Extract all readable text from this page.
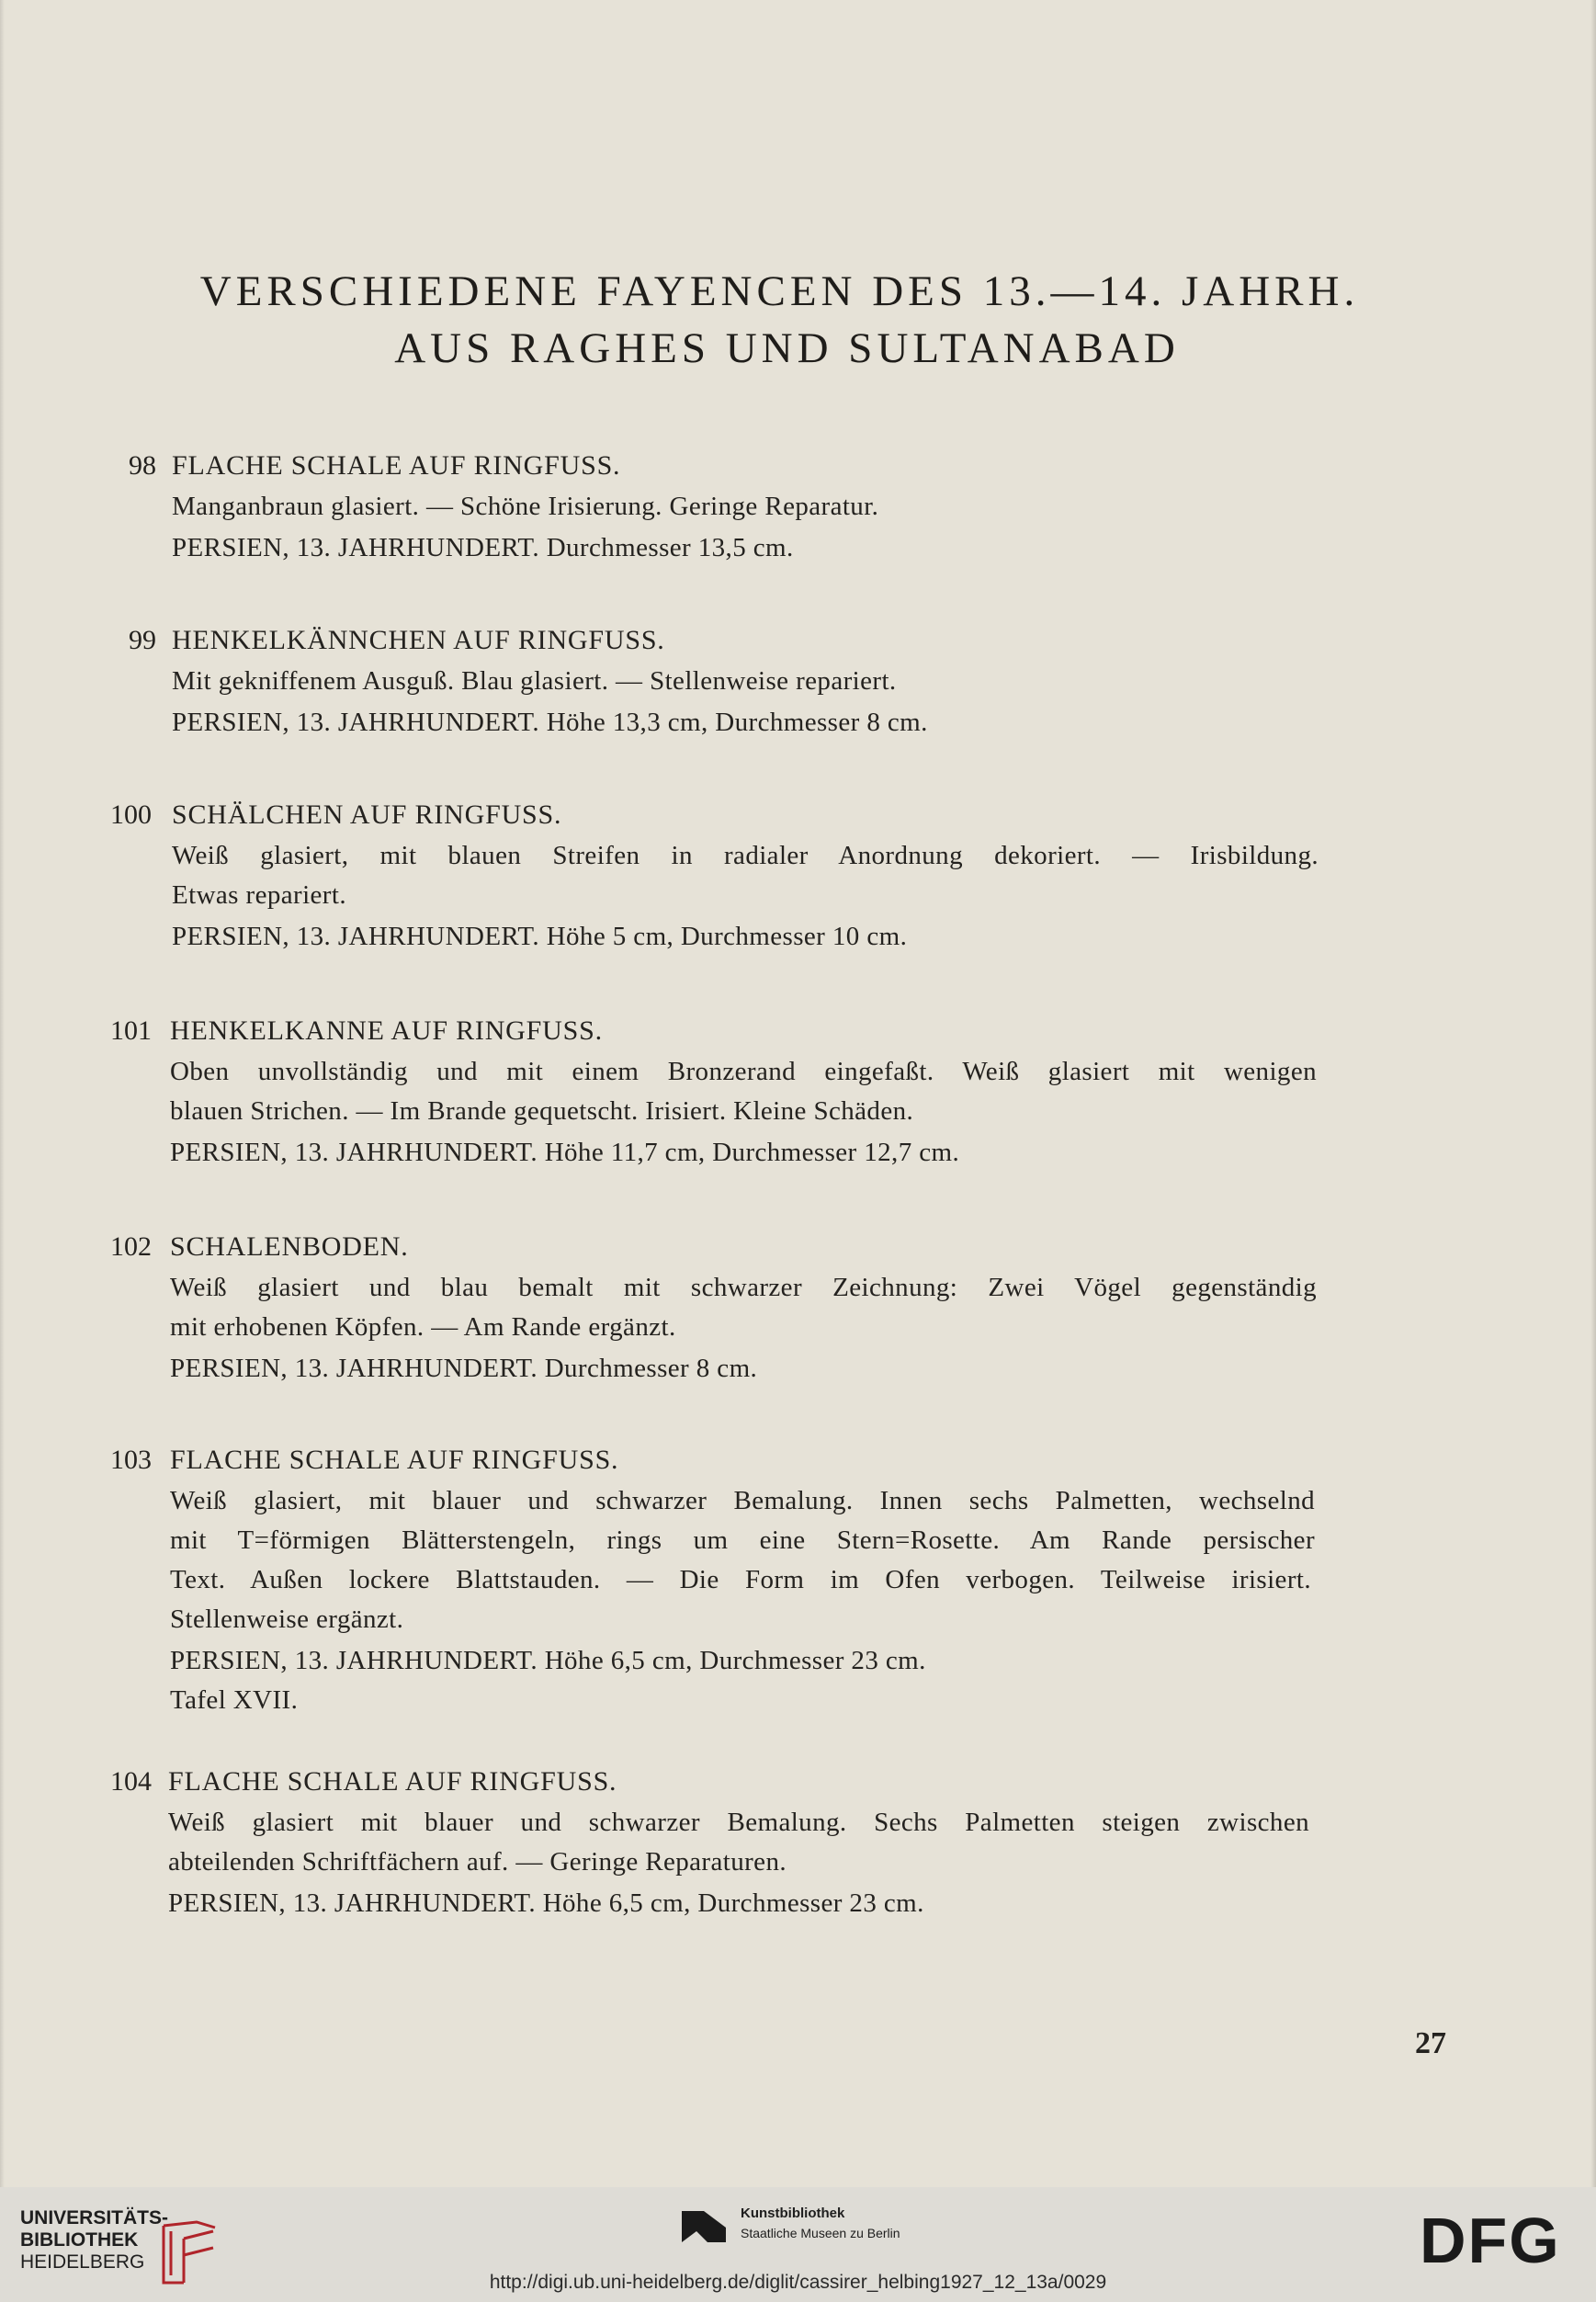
VERSCHIEDENE FAYENCEN DES 13.—14. JAHRH.
AUS RAGHES UND SULTANABAD
98 FLACHE SCHALE AUF RINGFUSS.
Manganbraun glasiert. — Schöne Irisierung. Geringe Reparatur.
PERSIEN, 13. JAHRHUNDERT. Durchmesser 13,5 cm.
99 HENKELKÄNNCHEN AUF RINGFUSS.
Mit gekniffenem Ausguß. Blau glasiert. — Stellenweise repariert.
PERSIEN, 13. JAHRHUNDERT. Höhe 13,3 cm, Durchmesser 8 cm.
100 SCHÄLCHEN AUF RINGFUSS.
Weiß glasiert, mit blauen Streifen in radialer Anordnung dekoriert. — Irisbildung.
Etwas repariert.
PERSIEN, 13. JAHRHUNDERT. Höhe 5 cm, Durchmesser 10 cm.
101 HENKELKANNE AUF RINGFUSS.
Oben unvollständig und mit einem Bronzerand eingefaßt. Weiß glasiert mit wenigen
blauen Strichen. — Im Brande gequetscht. Irisiert. Kleine Schäden.
PERSIEN, 13. JAHRHUNDERT. Höhe 11,7 cm, Durchmesser 12,7 cm.
102 SCHALENBODEN.
Weiß glasiert und blau bemalt mit schwarzer Zeichnung: Zwei Vögel gegenständig
mit erhobenen Köpfen. — Am Rande ergänzt.
PERSIEN, 13. JAHRHUNDERT. Durchmesser 8 cm.
103 FLACHE SCHALE AUF RINGFUSS.
Weiß glasiert, mit blauer und schwarzer Bemalung. Innen sechs Palmetten, wechselnd
mit T=förmigen Blätterstengeln, rings um eine Stern=Rosette. Am Rande persischer
Text. Außen lockere Blattstauden. — Die Form im Ofen verbogen. Teilweise irisiert.
Stellenweise ergänzt.
PERSIEN, 13. JAHRHUNDERT. Höhe 6,5 cm, Durchmesser 23 cm.
Tafel XVII.
104 FLACHE SCHALE AUF RINGFUSS.
Weiß glasiert mit blauer und schwarzer Bemalung. Sechs Palmetten steigen zwischen
abteilenden Schriftfächern auf. — Geringe Reparaturen.
PERSIEN, 13. JAHRHUNDERT. Höhe 6,5 cm, Durchmesser 23 cm.
27
UNIVERSITÄTS-
BIBLIOTHEK
HEIDELBERG
Kunstbibliothek
Staatliche Museen zu Berlin	DFG
http://digi.ub.uni-heidelberg.de/diglit/cassirer_helbing1927_12_13a/0029
